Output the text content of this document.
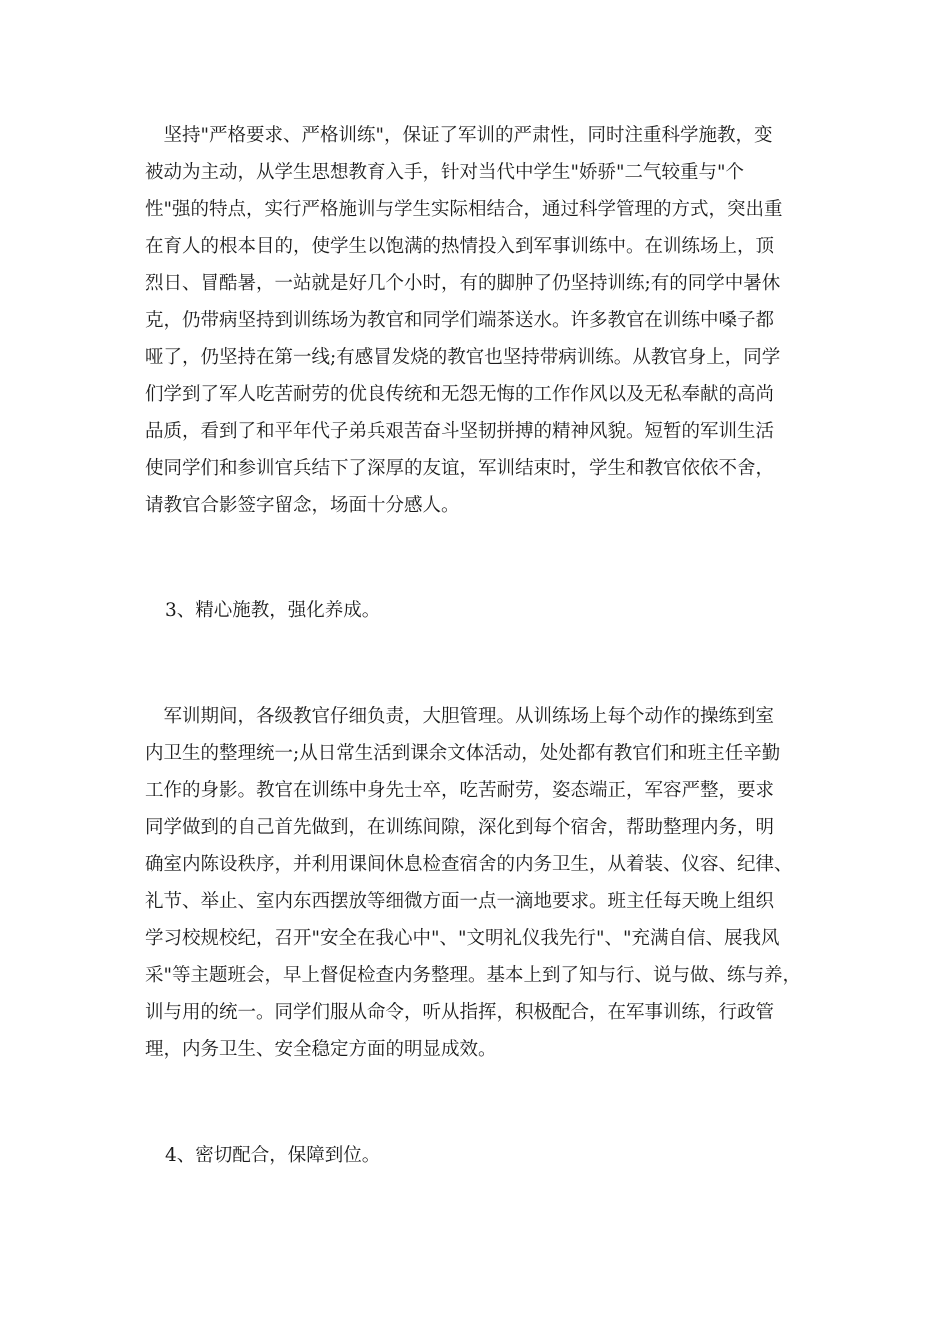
　坚持"严格要求、严格训练"，保证了军训的严肃性，同时注重科学施教，变
被动为主动，从学生思想教育入手，针对当代中学生"娇骄"二气较重与"个
性"强的特点，实行严格施训与学生实际相结合，通过科学管理的方式，突出重
在育人的根本目的，使学生以饱满的热情投入到军事训练中。在训练场上，顶
烈日、冒酷暑，一站就是好几个小时，有的脚肿了仍坚持训练;有的同学中暑休
克，仍带病坚持到训练场为教官和同学们端茶送水。许多教官在训练中嗓子都
哑了，仍坚持在第一线;有感冒发烧的教官也坚持带病训练。从教官身上，同学
们学到了军人吃苦耐劳的优良传统和无怨无悔的工作作风以及无私奉献的高尚
品质，看到了和平年代子弟兵艰苦奋斗坚韧拼搏的精神风貌。短暂的军训生活
使同学们和参训官兵结下了深厚的友谊，军训结束时，学生和教官依依不舍，
请教官合影签字留念，场面十分感人。
3、精心施教，强化养成。
　军训期间，各级教官仔细负责，大胆管理。从训练场上每个动作的操练到室
内卫生的整理统一;从日常生活到课余文体活动，处处都有教官们和班主任辛勤
工作的身影。教官在训练中身先士卒，吃苦耐劳，姿态端正，军容严整，要求
同学做到的自己首先做到，在训练间隙，深化到每个宿舍，帮助整理内务，明
确室内陈设秩序，并利用课间休息检查宿舍的内务卫生，从着装、仪容、纪律、
礼节、举止、室内东西摆放等细微方面一点一滴地要求。班主任每天晚上组织
学习校规校纪，召开"安全在我心中"、"文明礼仪我先行"、"充满自信、展我风
采"等主题班会，早上督促检查内务整理。基本上到了知与行、说与做、练与养，
训与用的统一。同学们服从命令，听从指挥，积极配合，在军事训练，行政管
理，内务卫生、安全稳定方面的明显成效。
4、密切配合，保障到位。
